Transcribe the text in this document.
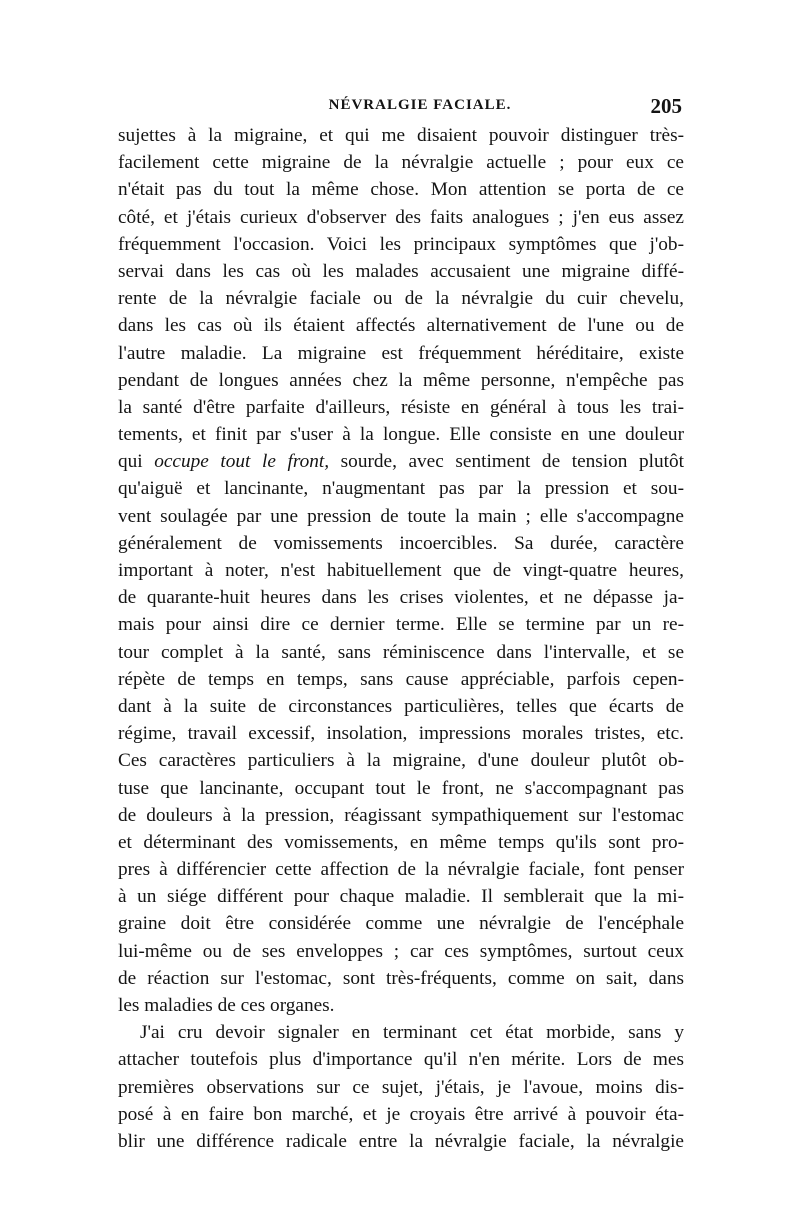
NÉVRALGIE FACIALE.	205
sujettes à la migraine, et qui me disaient pouvoir distinguer très-
facilement cette migraine de la névralgie actuelle ; pour eux ce
n'était pas du tout la même chose. Mon attention se porta de ce
côté, et j'étais curieux d'observer des faits analogues ; j'en eus assez
fréquemment l'occasion. Voici les principaux symptômes que j'ob-
servai dans les cas où les malades accusaient une migraine diffé-
rente de la névralgie faciale ou de la névralgie du cuir chevelu,
dans les cas où ils étaient affectés alternativement de l'une ou de
l'autre maladie. La migraine est fréquemment héréditaire, existe
pendant de longues années chez la même personne, n'empêche pas
la santé d'être parfaite d'ailleurs, résiste en général à tous les trai-
tements, et finit par s'user à la longue. Elle consiste en une douleur
qui occupe tout le front, sourde, avec sentiment de tension plutôt
qu'aiguë et lancinante, n'augmentant pas par la pression et sou-
vent soulagée par une pression de toute la main ; elle s'accompagne
généralement de vomissements incoercibles. Sa durée, caractère
important à noter, n'est habituellement que de vingt-quatre heures,
de quarante-huit heures dans les crises violentes, et ne dépasse ja-
mais pour ainsi dire ce dernier terme. Elle se termine par un re-
tour complet à la santé, sans réminiscence dans l'intervalle, et se
répète de temps en temps, sans cause appréciable, parfois cepen-
dant à la suite de circonstances particulières, telles que écarts de
régime, travail excessif, insolation, impressions morales tristes, etc.
Ces caractères particuliers à la migraine, d'une douleur plutôt ob-
tuse que lancinante, occupant tout le front, ne s'accompagnant pas
de douleurs à la pression, réagissant sympathiquement sur l'estomac
et déterminant des vomissements, en même temps qu'ils sont pro-
pres à différencier cette affection de la névralgie faciale, font penser
à un siége différent pour chaque maladie. Il semblerait que la mi-
graine doit être considérée comme une névralgie de l'encéphale
lui-même ou de ses enveloppes ; car ces symptômes, surtout ceux
de réaction sur l'estomac, sont très-fréquents, comme on sait, dans
les maladies de ces organes.
J'ai cru devoir signaler en terminant cet état morbide, sans y
attacher toutefois plus d'importance qu'il n'en mérite. Lors de mes
premières observations sur ce sujet, j'étais, je l'avoue, moins dis-
posé à en faire bon marché, et je croyais être arrivé à pouvoir éta-
blir une différence radicale entre la névralgie faciale, la névralgie
